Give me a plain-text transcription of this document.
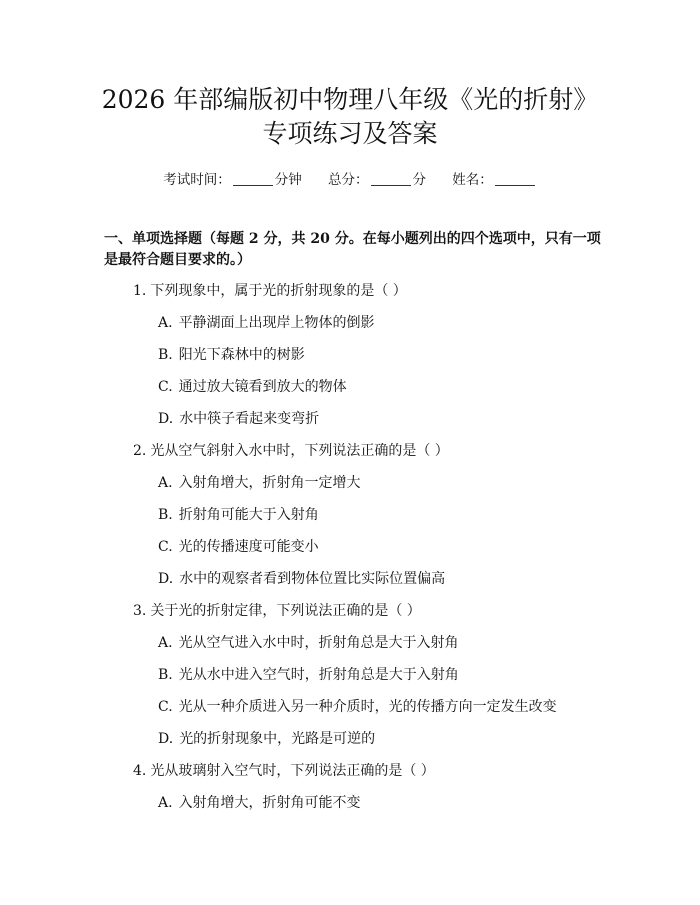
2026 年部编版初中物理八年级《光的折射》
专项练习及答案
考试时间：	分钟 总分：	分 姓名：

一、单项选择题（每题 2 分，共 20 分。在每小题列出的四个选项中，只有一项是最符合题目要求的。）

1. 下列现象中，属于光的折射现象的是（ ）
A. 平静湖面上出现岸上物体的倒影
B. 阳光下森林中的树影
C. 通过放大镜看到放大的物体
D. 水中筷子看起来变弯折
2. 光从空气斜射入水中时，下列说法正确的是（ ）
A. 入射角增大，折射角一定增大
B. 折射角可能大于入射角
C. 光的传播速度可能变小
D. 水中的观察者看到物体位置比实际位置偏高
3. 关于光的折射定律，下列说法正确的是（ ）
A. 光从空气进入水中时，折射角总是大于入射角
B. 光从水中进入空气时，折射角总是大于入射角
C. 光从一种介质进入另一种介质时，光的传播方向一定发生改变
D. 光的折射现象中，光路是可逆的
4. 光从玻璃射入空气时，下列说法正确的是（ ）
A. 入射角增大，折射角可能不变
